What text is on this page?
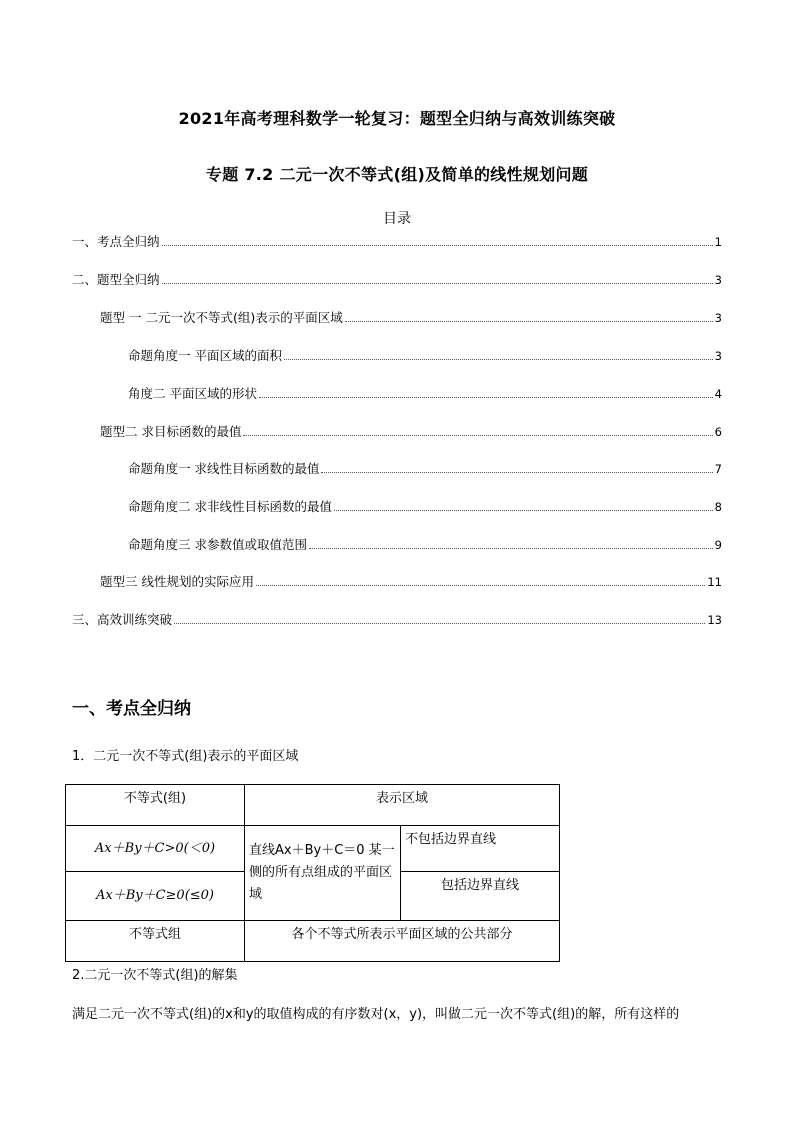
2021年高考理科数学一轮复习：题型全归纳与高效训练突破
专题 7.2 二元一次不等式(组)及简单的线性规划问题
目录
一、考点全归纳	1
二、题型全归纳	3
题型 一 二元一次不等式(组)表示的平面区域	3
命题角度一 平面区域的面积	3
角度二 平面区域的形状	4
题型二 求目标函数的最值	6
命题角度一 求线性目标函数的最值	7
命题角度二 求非线性目标函数的最值	8
命题角度三 求参数值或取值范围	9
题型三 线性规划的实际应用	11
三、高效训练突破	13
一、考点全归纳
1．二元一次不等式(组)表示的平面区域
不等式(组)	表示区域	
Ax＋By＋C>0(＜0)	直线Ax＋By＋C＝0 某一侧的所有点组成的平面区域	不包括边界直线
Ax＋By＋C≥0(≤0)		包括边界直线
不等式组	各个不等式所表示平面区域的公共部分	
2.二元一次不等式(组)的解集
满足二元一次不等式(组)的x和y的取值构成的有序数对(x，y)，叫做二元一次不等式(组)的解，所有这样的
